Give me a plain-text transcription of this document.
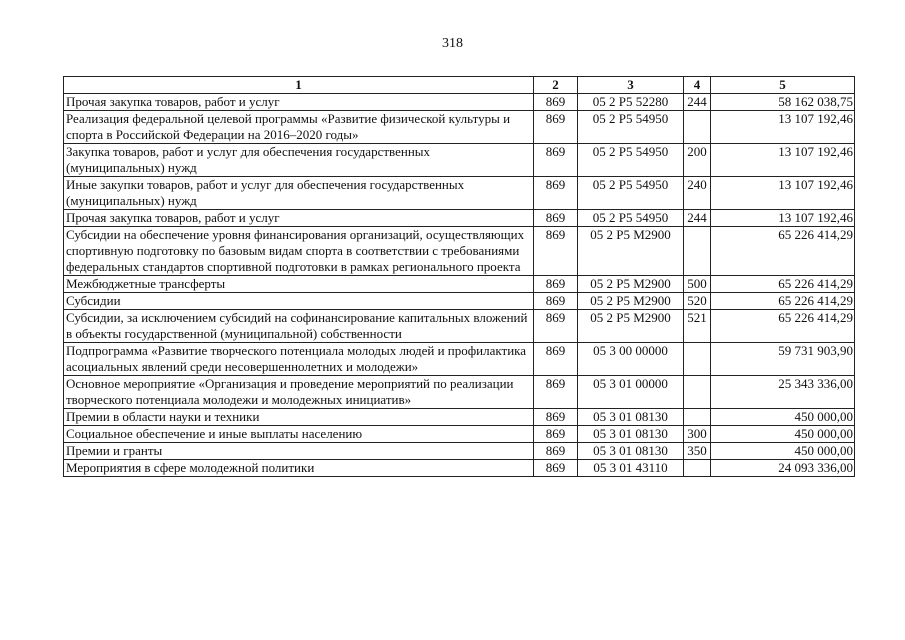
318
1	2	3	4	5
Прочая закупка товаров, работ и услуг	869	05 2 P5 52280	244	58 162 038,75
Реализация федеральной целевой программы «Развитие физической культуры и спорта в Российской Федерации на 2016–2020 годы»	869	05 2 P5 54950		13 107 192,46
Закупка товаров, работ и услуг для обеспечения государственных (муниципальных) нужд	869	05 2 P5 54950	200	13 107 192,46
Иные закупки товаров, работ и услуг для обеспечения государственных (муниципальных) нужд	869	05 2 P5 54950	240	13 107 192,46
Прочая закупка товаров, работ и услуг	869	05 2 P5 54950	244	13 107 192,46
Субсидии на обеспечение уровня финансирования организаций, осуществляющих спортивную подготовку по базовым видам спорта в соответствии с требованиями федеральных стандартов спортивной подготовки в рамках регионального проекта	869	05 2 P5 M2900		65 226 414,29
Межбюджетные трансферты	869	05 2 P5 M2900	500	65 226 414,29
Субсидии	869	05 2 P5 M2900	520	65 226 414,29
Субсидии, за исключением субсидий на софинансирование капитальных вложений в объекты государственной (муниципальной) собственности	869	05 2 P5 M2900	521	65 226 414,29
Подпрограмма «Развитие творческого потенциала молодых людей и профилактика асоциальных явлений среди несовершеннолетних и молодежи»	869	05 3 00 00000		59 731 903,90
Основное мероприятие «Организация и проведение мероприятий по реализации творческого потенциала молодежи и молодежных инициатив»	869	05 3 01 00000		25 343 336,00
Премии в области науки и техники	869	05 3 01 08130		450 000,00
Социальное обеспечение и иные выплаты населению	869	05 3 01 08130	300	450 000,00
Премии и гранты	869	05 3 01 08130	350	450 000,00
Мероприятия в сфере молодежной политики	869	05 3 01 43110		24 093 336,00
